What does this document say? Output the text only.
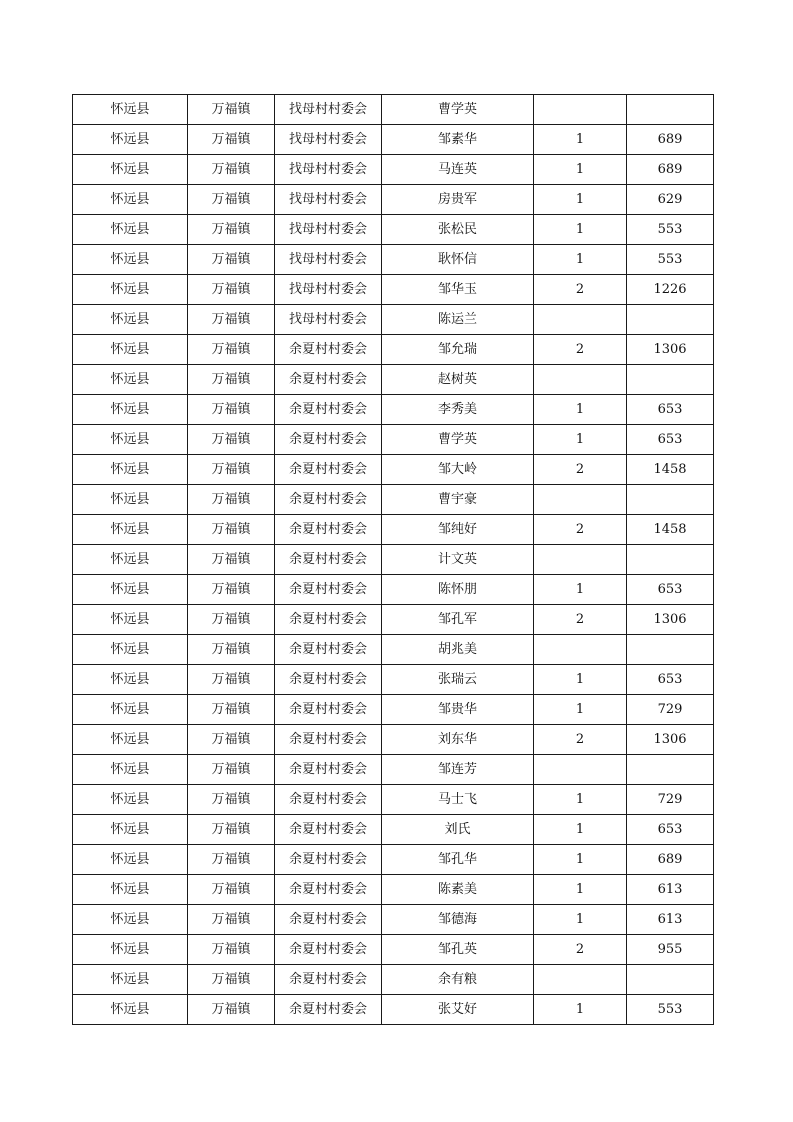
怀远县	万福镇	找母村村委会	曹学英		
怀远县	万福镇	找母村村委会	邹素华	1	689
怀远县	万福镇	找母村村委会	马连英	1	689
怀远县	万福镇	找母村村委会	房贵军	1	629
怀远县	万福镇	找母村村委会	张松民	1	553
怀远县	万福镇	找母村村委会	耿怀信	1	553
怀远县	万福镇	找母村村委会	邹华玉	2	1226
怀远县	万福镇	找母村村委会	陈运兰		
怀远县	万福镇	余夏村村委会	邹允瑞	2	1306
怀远县	万福镇	余夏村村委会	赵树英		
怀远县	万福镇	余夏村村委会	李秀美	1	653
怀远县	万福镇	余夏村村委会	曹学英	1	653
怀远县	万福镇	余夏村村委会	邹大岭	2	1458
怀远县	万福镇	余夏村村委会	曹宇豪		
怀远县	万福镇	余夏村村委会	邹纯好	2	1458
怀远县	万福镇	余夏村村委会	计文英		
怀远县	万福镇	余夏村村委会	陈怀朋	1	653
怀远县	万福镇	余夏村村委会	邹孔军	2	1306
怀远县	万福镇	余夏村村委会	胡兆美		
怀远县	万福镇	余夏村村委会	张瑞云	1	653
怀远县	万福镇	余夏村村委会	邹贵华	1	729
怀远县	万福镇	余夏村村委会	刘东华	2	1306
怀远县	万福镇	余夏村村委会	邹连芳		
怀远县	万福镇	余夏村村委会	马士飞	1	729
怀远县	万福镇	余夏村村委会	刘氏	1	653
怀远县	万福镇	余夏村村委会	邹孔华	1	689
怀远县	万福镇	余夏村村委会	陈素美	1	613
怀远县	万福镇	余夏村村委会	邹德海	1	613
怀远县	万福镇	余夏村村委会	邹孔英	2	955
怀远县	万福镇	余夏村村委会	余有粮		
怀远县	万福镇	余夏村村委会	张艾好	1	553
